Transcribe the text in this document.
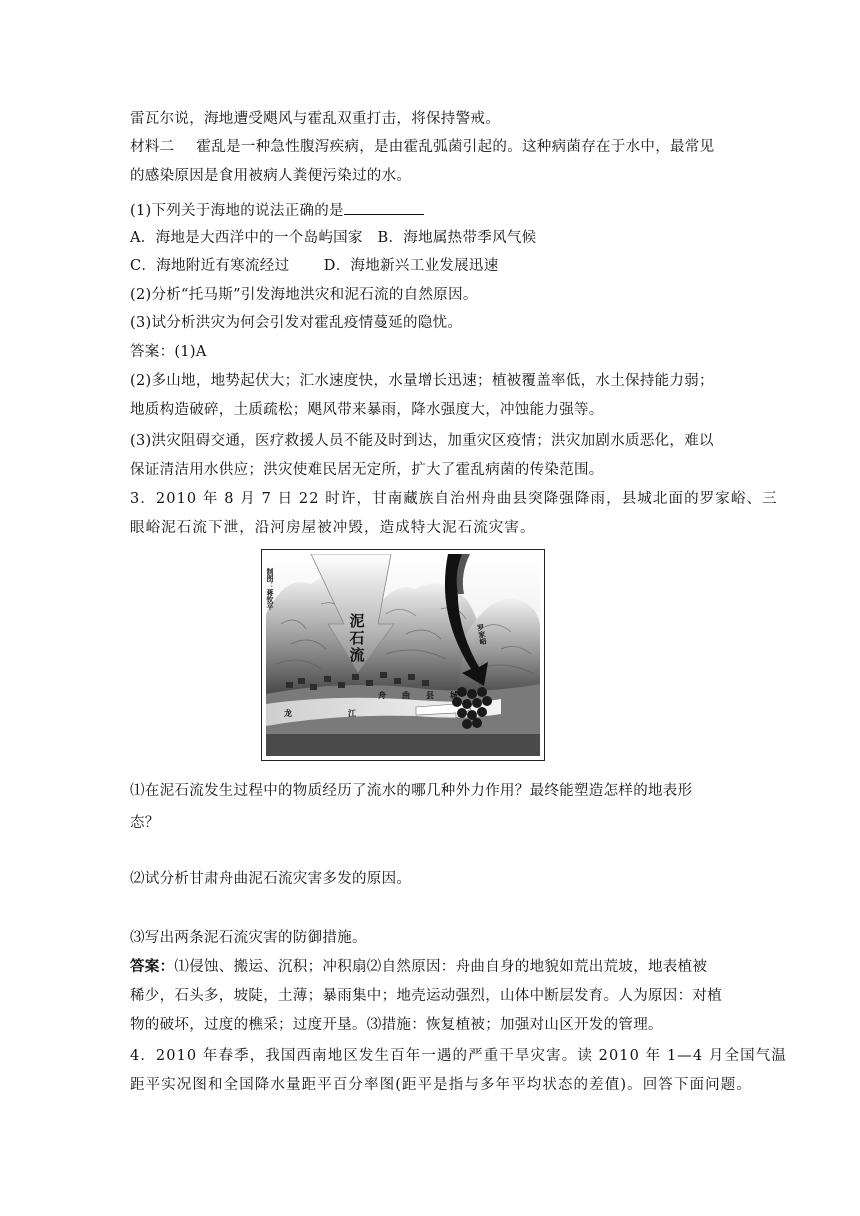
雷瓦尔说，海地遭受飓风与霍乱双重打击，将保持警戒。
材料二 霍乱是一种急性腹泻疾病，是由霍乱弧菌引起的。这种病菌存在于水中，最常见
的感染原因是食用被病人粪便污染过的水。
(1)下列关于海地的说法正确的是
A．海地是大西洋中的一个岛屿国家 B．海地属热带季风气候
C．海地附近有寒流经过 D．海地新兴工业发展迅速
(2)分析“托马斯”引发海地洪灾和泥石流的自然原因。
(3)试分析洪灾为何会引发对霍乱疫情蔓延的隐忧。
答案：(1)A
(2)多山地，地势起伏大；汇水速度快，水量增长迅速；植被覆盖率低，水土保持能力弱；
地质构造破碎，土质疏松；飓风带来暴雨，降水强度大，冲蚀能力强等。
(3)洪灾阻碍交通，医疗救援人员不能及时到达，加重灾区疫情；洪灾加剧水质恶化，难以
保证清洁用水供应；洪灾使难民居无定所，扩大了霍乱病菌的传染范围。
3．2010 年 8 月 7 日 22 时许，甘南藏族自治州舟曲县突降强降雨，县城北面的罗家峪、三
眼峪泥石流下泄，沿河房屋被冲毁，造成特大泥石流灾害。
制图：蒋钦平
泥
石
流
舟 曲 县 城
龙	江
罗家峪
⑴在泥石流发生过程中的物质经历了流水的哪几种外力作用？最终能塑造怎样的地表形
态？
⑵试分析甘肃舟曲泥石流灾害多发的原因。
⑶写出两条泥石流灾害的防御措施。
答案：⑴侵蚀、搬运、沉积；冲积扇⑵自然原因：舟曲自身的地貌如荒出荒坡，地表植被
稀少，石头多，坡陡，土薄；暴雨集中；地壳运动强烈，山体中断层发育。人为原因：对植
物的破坏，过度的樵采；过度开垦。⑶措施：恢复植被；加强对山区开发的管理。
4．2010 年春季，我国西南地区发生百年一遇的严重干旱灾害。读 2010 年 1—4 月全国气温
距平实况图和全国降水量距平百分率图(距平是指与多年平均状态的差值)。回答下面问题。
